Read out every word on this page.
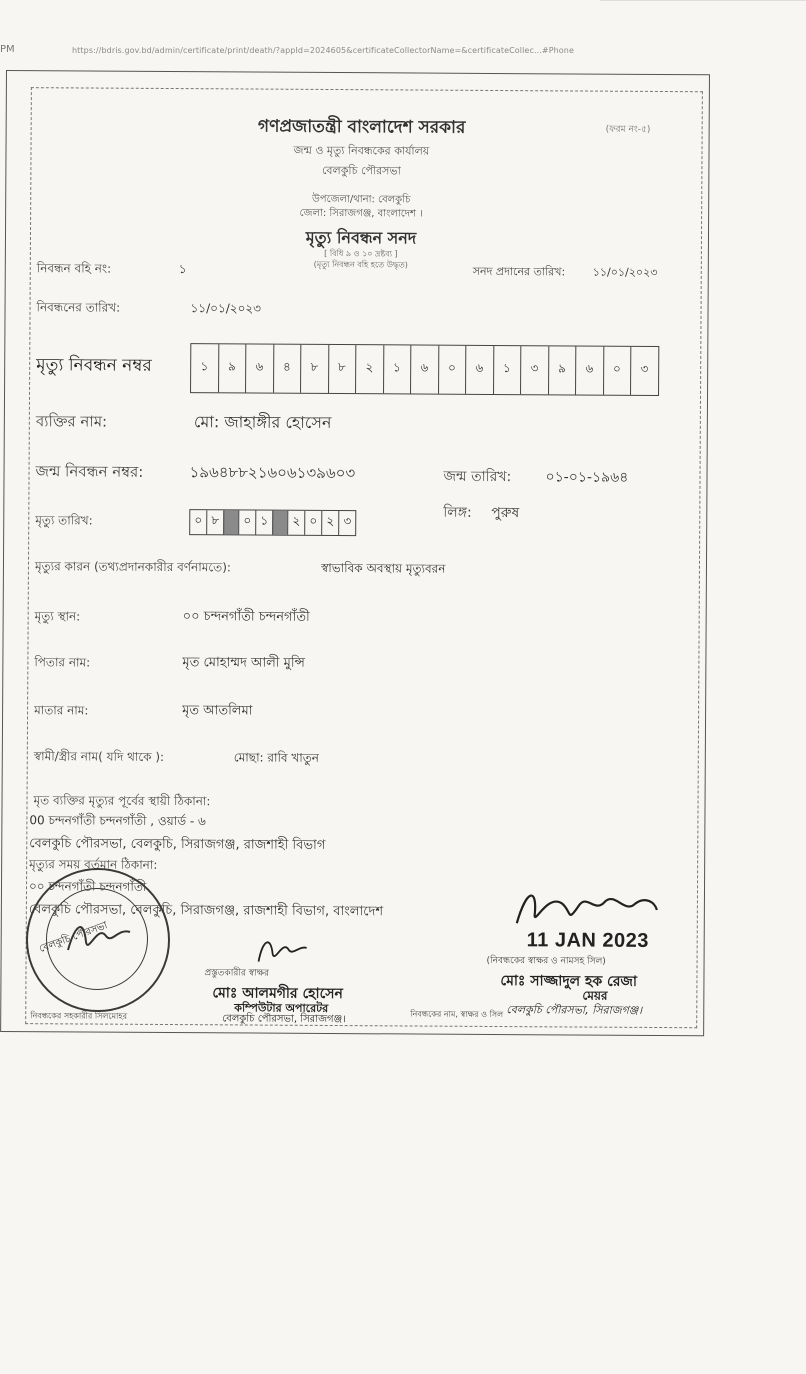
PM	https://bdris.gov.bd/admin/certificate/print/death/?appId=2024605&certificateCollectorName=&certificateCollec...#Phone
গণপ্রজাতন্ত্রী বাংলাদেশ সরকার	(ফরম নং-৫)
জন্ম ও মৃত্যু নিবন্ধকের কার্যালয়
বেলকুচি পৌরসভা
উপজেলা/থানা: বেলকুচি
জেলা: সিরাজগঞ্জ, বাংলাদেশ ।
মৃত্যু নিবন্ধন সনদ
[ বিধি ৯ ও ১০ দ্রষ্টব্য ]
(মৃত্যু নিবন্ধন বহি হতে উদ্ধৃত)
নিবন্ধন বহি নং:	১	সনদ প্রদানের তারিখ:	১১/০১/২০২৩
নিবন্ধনের তারিখ:	১১/০১/২০২৩
মৃত্যু নিবন্ধন নম্বর	১	৯	৬	৪	৮	৮	২	১	৬	০	৬	১	৩	৯	৬	০	৩
ব্যক্তির নাম:	মো: জাহাঙ্গীর হোসেন
জন্ম নিবন্ধন নম্বর:	১৯৬৪৮৮২১৬০৬১৩৯৬০৩	জন্ম তারিখ: ০১-০১-১৯৬৪
মৃত্যু তারিখ:	০ ৮	০ ১	২ ০ ২ ৩
লিঙ্গ: পুরুষ
মৃত্যুর কারন (তথ্যপ্রদানকারীর বর্ণনামতে):	স্বাভাবিক অবস্থায় মৃত্যুবরন
মৃত্যু স্থান:	০০ চন্দনগাঁতী চন্দনগাঁতী
পিতার নাম:	মৃত মোহাম্মদ আলী মুন্সি
মাতার নাম:	মৃত আতলিমা
স্বামী/স্ত্রীর নাম( যদি থাকে ):	মোছা: রাবি খাতুন
মৃত ব্যক্তির মৃত্যুর পূর্বের স্থায়ী ঠিকানা:
00 চন্দনগাঁতী চন্দনগাঁতী , ওয়ার্ড - ৬
বেলকুচি পৌরসভা, বেলকুচি, সিরাজগঞ্জ, রাজশাহী বিভাগ
মৃত্যুর সময় বর্তমান ঠিকানা:
০০ চন্দনগাঁতী চন্দনগাঁতী
বেলকুচি পৌরসভা, বেলকুচি, সিরাজগঞ্জ, রাজশাহী বিভাগ, বাংলাদেশ
11 JAN 2023
(নিবন্ধকের স্বাক্ষর ও নামসহ সিল)
মোঃ সাজ্জাদুল হক রেজা
মেয়র
বেলকুচি পৌরসভা, সিরাজগঞ্জ।
প্রস্তুতকারীর স্বাক্ষর
মোঃ আলমগীর হোসেন
কম্পিউটার অপারেটর
বেলকুচি পৌরসভা, সিরাজগঞ্জ।
নিবন্ধকের সহকারীর সিলমোহর	নিবন্ধকের নাম, স্বাক্ষর ও সিল
বেলকুচি পৌরসভা
